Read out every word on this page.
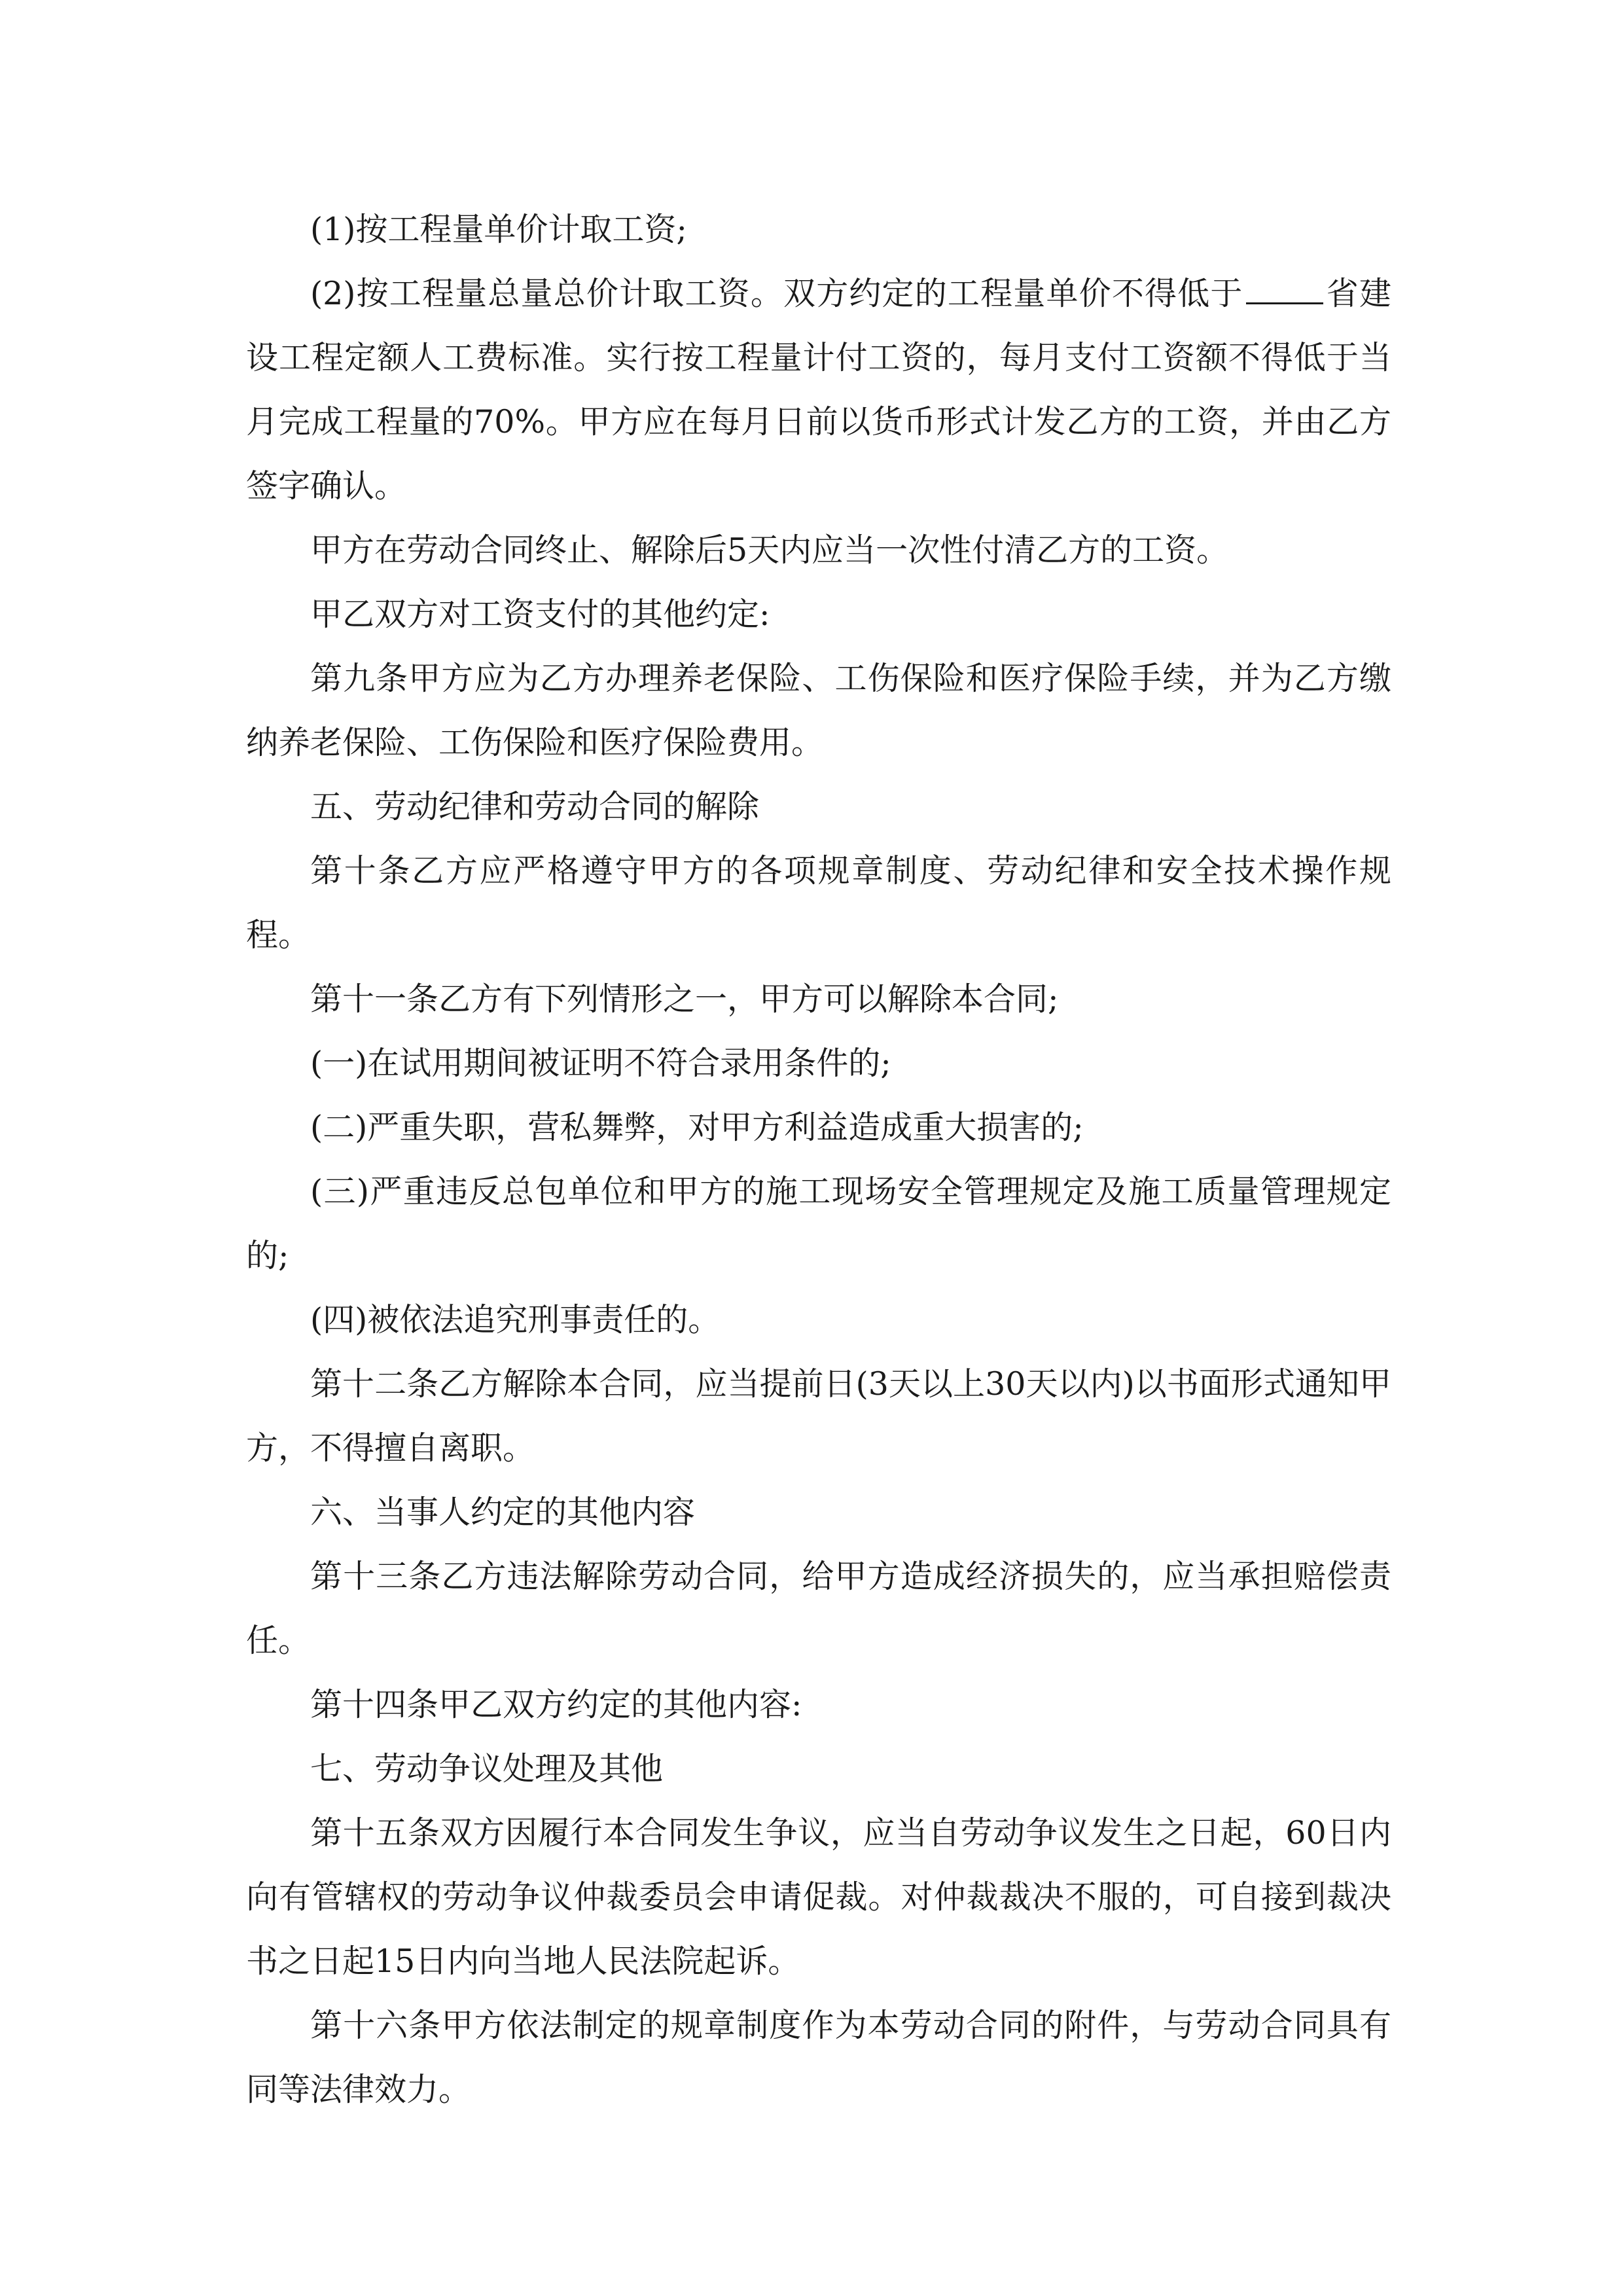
(1)按工程量单价计取工资;

(2)按工程量总量总价计取工资。双方约定的工程量单价不得低于	省建设工程定额人工费标准。实行按工程量计付工资的，每月支付工资额不得低于当月完成工程量的70%。甲方应在每月日前以货币形式计发乙方的工资，并由乙方签字确认。

甲方在劳动合同终止、解除后5天内应当一次性付清乙方的工资。

甲乙双方对工资支付的其他约定:

第九条甲方应为乙方办理养老保险、工伤保险和医疗保险手续，并为乙方缴纳养老保险、工伤保险和医疗保险费用。

五、劳动纪律和劳动合同的解除

第十条乙方应严格遵守甲方的各项规章制度、劳动纪律和安全技术操作规程。

第十一条乙方有下列情形之一，甲方可以解除本合同;

(一)在试用期间被证明不符合录用条件的;

(二)严重失职，营私舞弊，对甲方利益造成重大损害的;

(三)严重违反总包单位和甲方的施工现场安全管理规定及施工质量管理规定的;

(四)被依法追究刑事责任的。

第十二条乙方解除本合同，应当提前日(3天以上30天以内)以书面形式通知甲方，不得擅自离职。

六、当事人约定的其他内容

第十三条乙方违法解除劳动合同，给甲方造成经济损失的，应当承担赔偿责任。

第十四条甲乙双方约定的其他内容:

七、劳动争议处理及其他

第十五条双方因履行本合同发生争议，应当自劳动争议发生之日起，60日内向有管辖权的劳动争议仲裁委员会申请促裁。对仲裁裁决不服的，可自接到裁决书之日起15日内向当地人民法院起诉。

第十六条甲方依法制定的规章制度作为本劳动合同的附件，与劳动合同具有同等法律效力。
